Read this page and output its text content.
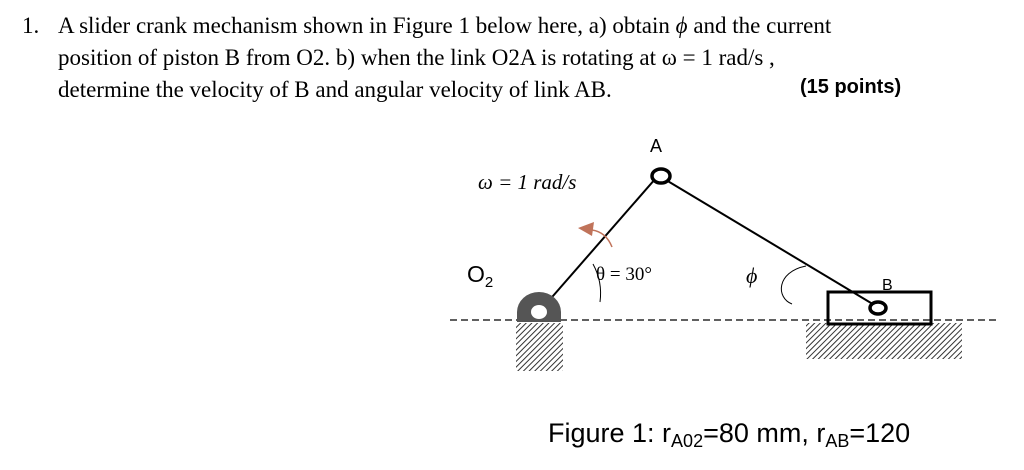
1. A slider crank mechanism shown in Figure 1 below here, a) obtain ϕ and the current
position of piston B from O2. b) when the link O2A is rotating at ω = 1 rad/s ,
determine the velocity of B and angular velocity of link AB.	(15 points)
A
B
$O_2$
ω = 1 rad/s
θ = 30°	ϕ
Figure 1: rA02=80 mm, rAB=120
